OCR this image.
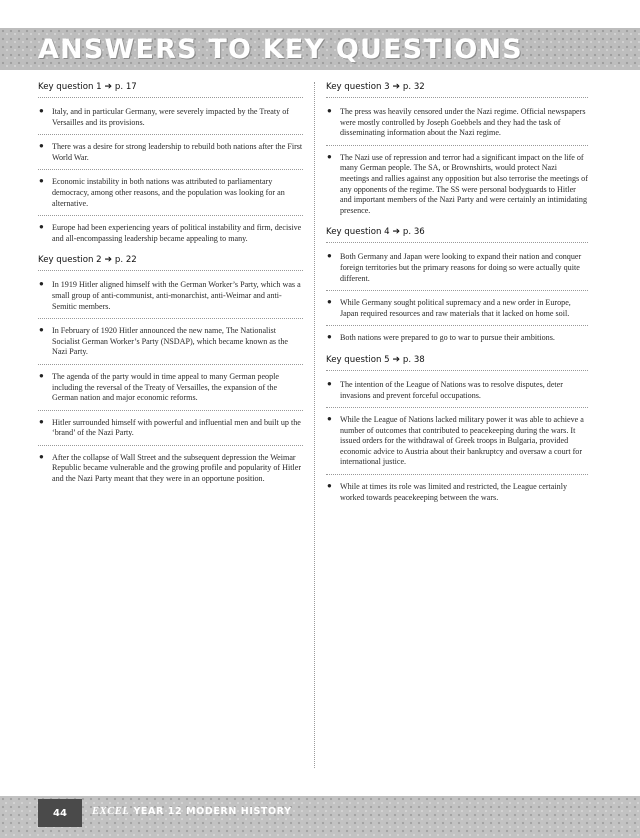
ANSWERS TO KEY QUESTIONS
Key question 1 ➔ p. 17
● Italy, and in particular Germany, were severely impacted by the Treaty of Versailles and its provisions.
● There was a desire for strong leadership to rebuild both nations after the First World War.
● Economic instability in both nations was attributed to parliamentary democracy, among other reasons, and the population was looking for an alternative.
● Europe had been experiencing years of political instability and firm, decisive and all-encompassing leadership became appealing to many.
Key question 2 ➔ p. 22
● In 1919 Hitler aligned himself with the German Worker’s Party, which was a small group of anti-communist, anti-monarchist, anti-Weimar and anti-Semitic members.
● In February of 1920 Hitler announced the new name, The Nationalist Socialist German Worker’s Party (NSDAP), which became known as the Nazi Party.
● The agenda of the party would in time appeal to many German people including the reversal of the Treaty of Versailles, the expansion of the German nation and major economic reforms.
● Hitler surrounded himself with powerful and influential men and built up the ‘brand’ of the Nazi Party.
● After the collapse of Wall Street and the subsequent depression the Weimar Republic became vulnerable and the growing profile and popularity of Hitler and the Nazi Party meant that they were in an opportune position.
Key question 3 ➔ p. 32
● The press was heavily censored under the Nazi regime. Official newspapers were mostly controlled by Joseph Goebbels and they had the task of disseminating information about the Nazi regime.
● The Nazi use of repression and terror had a significant impact on the life of many German people. The SA, or Brownshirts, would protect Nazi meetings and rallies against any opposition but also terrorise the meetings of any opponents of the regime. The SS were personal bodyguards to Hitler and important members of the Nazi Party and were certainly an intimidating presence.
Key question 4 ➔ p. 36
● Both Germany and Japan were looking to expand their nation and conquer foreign territories but the primary reasons for doing so were actually quite different.
● While Germany sought political supremacy and a new order in Europe, Japan required resources and raw materials that it lacked on home soil.
● Both nations were prepared to go to war to pursue their ambitions.
Key question 5 ➔ p. 38
● The intention of the League of Nations was to resolve disputes, deter invasions and prevent forceful occupations.
● While the League of Nations lacked military power it was able to achieve a number of outcomes that contributed to peacekeeping during the wars. It issued orders for the withdrawal of Greek troops in Bulgaria, provided economic advice to Austria about their bankruptcy and oversaw a court for international justice.
● While at times its role was limited and restricted, the League certainly worked towards peacekeeping between the wars.
44	EXCEL YEAR 12 MODERN HISTORY
